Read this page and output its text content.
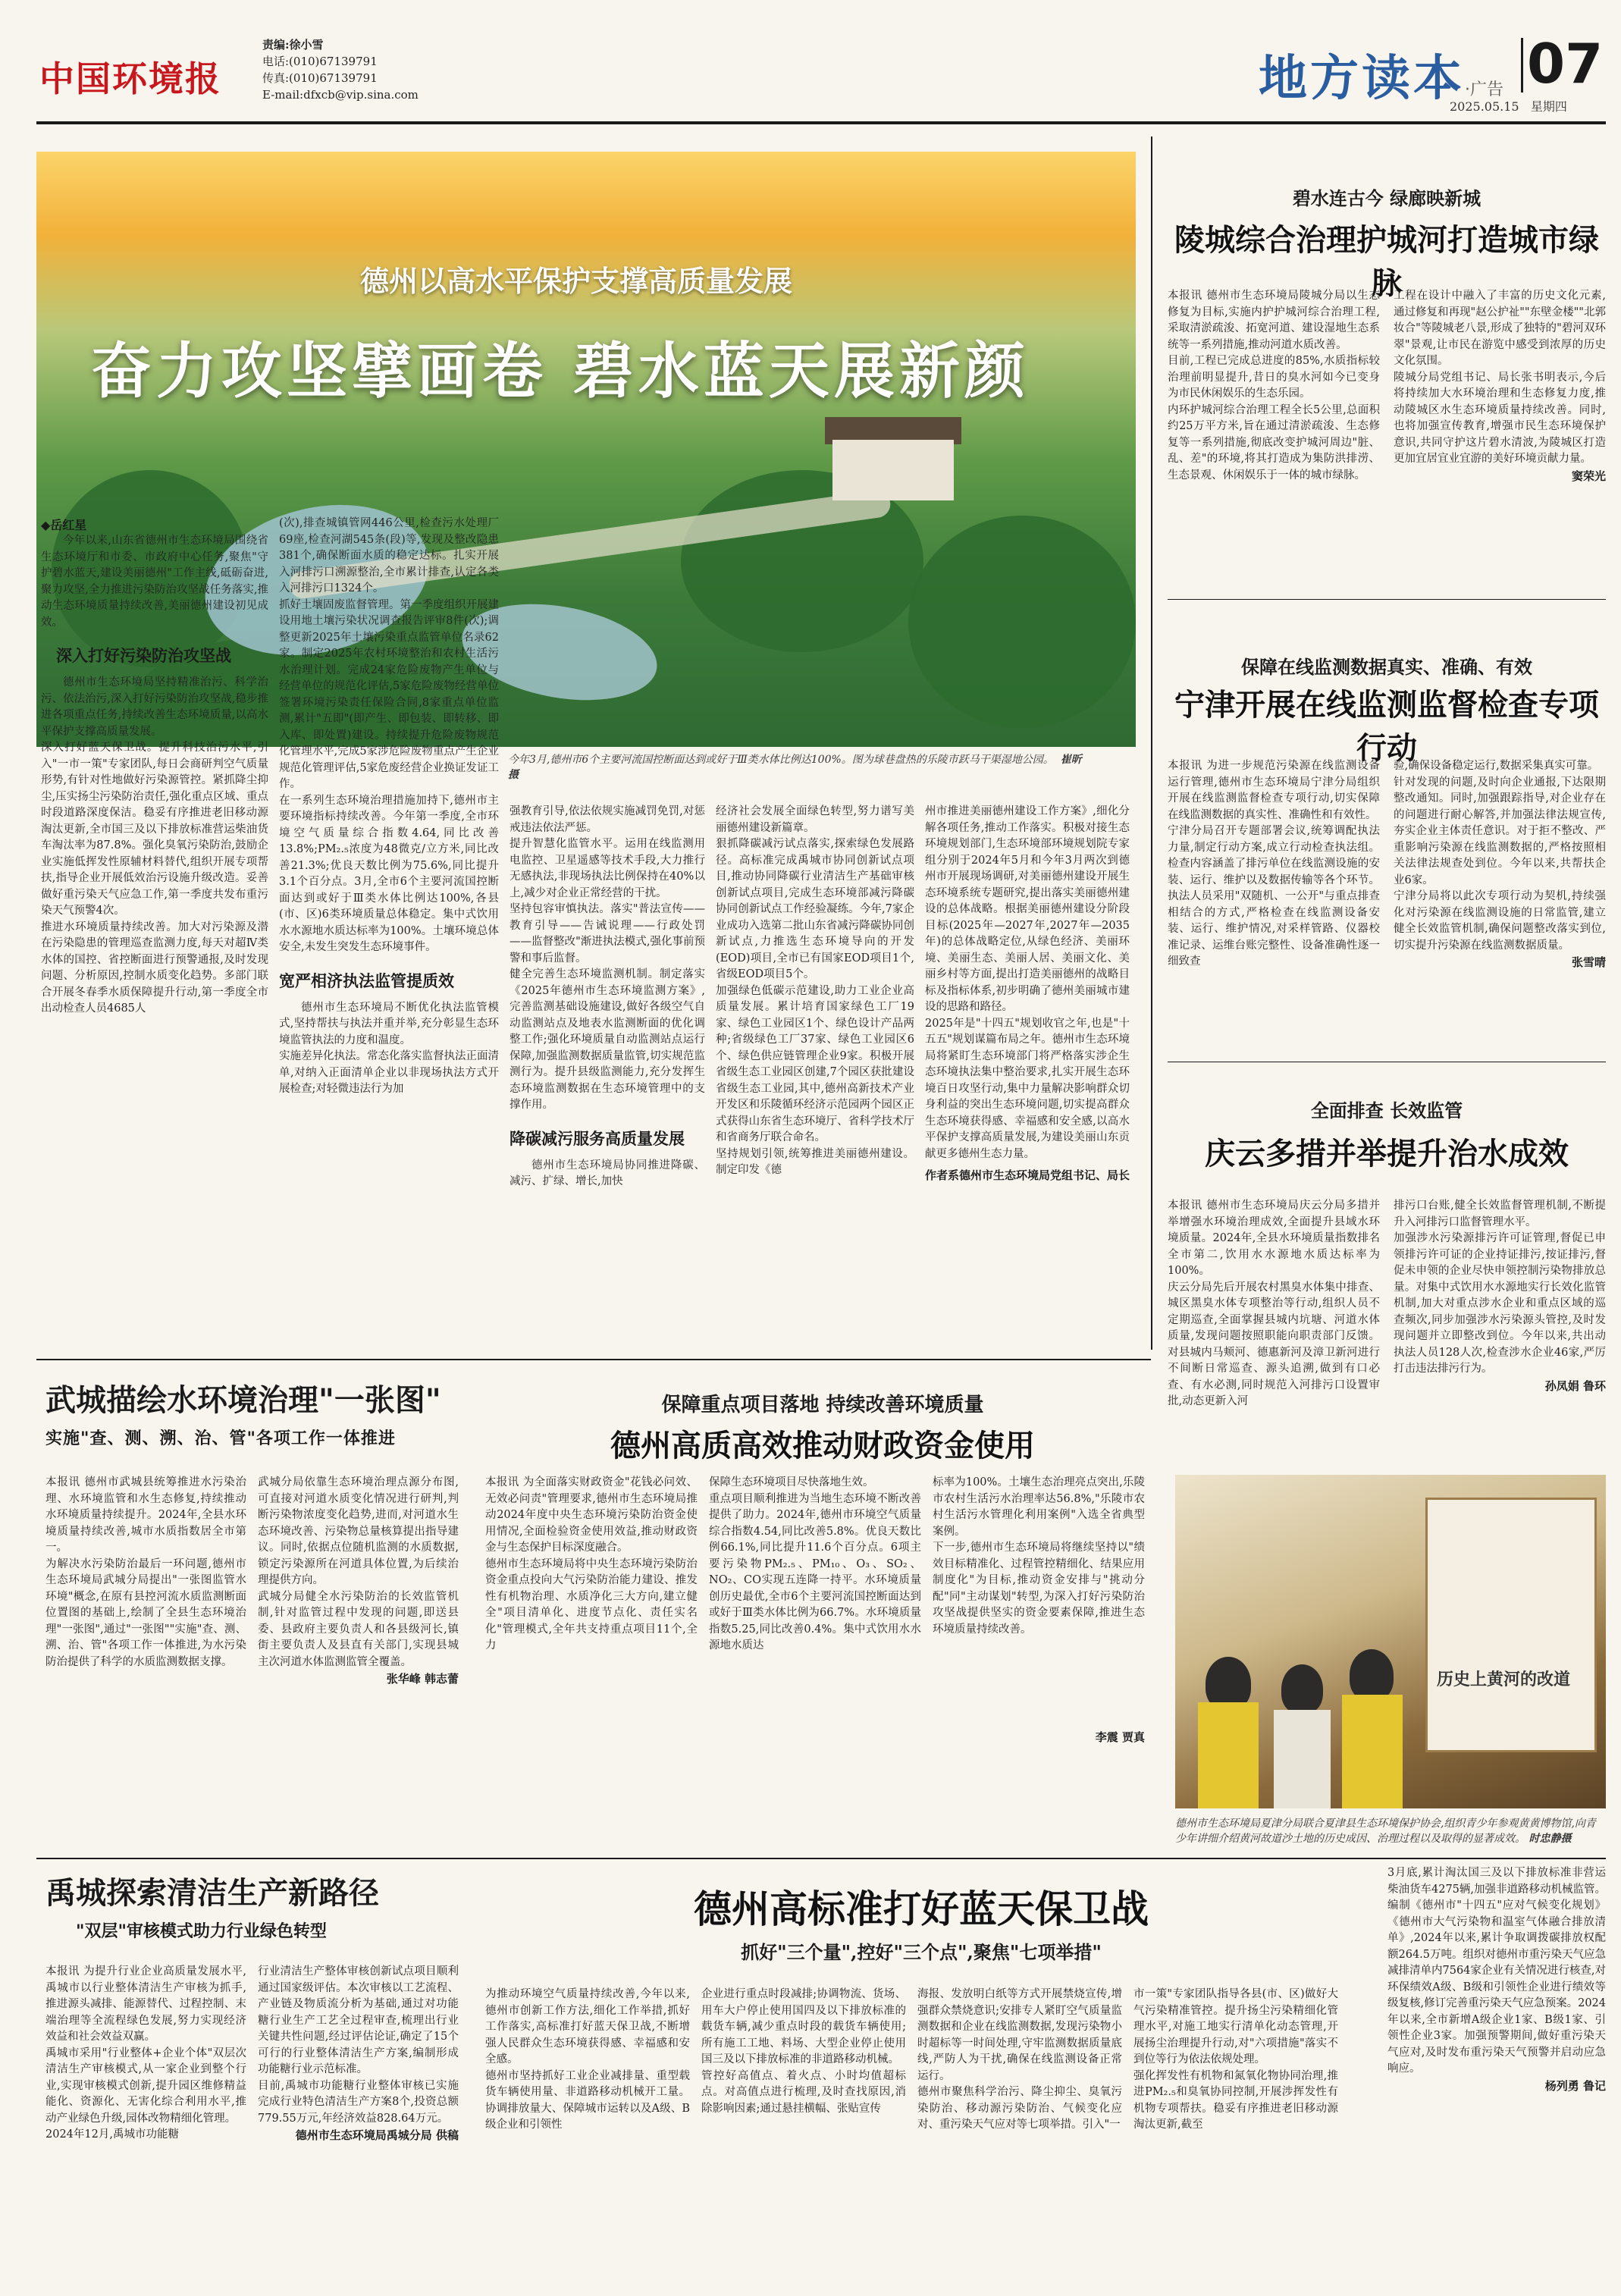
中国环境报
责编:徐小雪
电话:(010)67139791
传真:(010)67139791
E-mail:dfxcb@vip.sina.com	地方读本·广告 07
2025.05.15 星期四
德州以高水平保护支撑高质量发展
奋力攻坚擘画卷 碧水蓝天展新颜
◆岳红星
今年以来,山东省德州市生态环境局围绕省生态环境厅和市委、市政府中心任务,聚焦"守护碧水蓝天,建设美丽德州"工作主线,砥砺奋进,聚力攻坚,全力推进污染防治攻坚战任务落实,推动生态环境质量持续改善,美丽德州建设初见成效。
深入打好污染防治攻坚战
德州市生态环境局坚持精准治污、科学治污、依法治污,深入打好污染防治攻坚战,稳步推进各项重点任务,持续改善生态环境质量,以高水平保护支撑高质量发展。
深入打好蓝天保卫战。提升科技治污水平,引入"一市一策"专家团队,每日会商研判空气质量形势,有针对性地做好污染源管控。紧抓降尘抑尘,压实扬尘污染防治责任,强化重点区域、重点时段道路深度保洁。稳妥有序推进老旧移动源淘汰更新,全市国三及以下排放标准营运柴油货车淘汰率为87.8%。强化臭氧污染防治,鼓励企业实施低挥发性原辅材料替代,组织开展专项帮扶,指导企业开展低效治污设施升级改造。妥善做好重污染天气应急工作,第一季度共发布重污染天气预警4次。
推进水环境质量持续改善。加大对污染源及潜在污染隐患的管理巡查监测力度,每天对超Ⅳ类水体的国控、省控断面进行预警通报,及时发现问题、分析原因,控制水质变化趋势。多部门联合开展冬春季水质保障提升行动,第一季度全市出动检查人员4685人
(次),排查城镇管网446公里,检查污水处理厂69座,检查河湖545条(段)等,发现及整改隐患381个,确保断面水质的稳定达标。扎实开展入河排污口溯源整治,全市累计排查,认定各类入河排污口1324个。
抓好土壤固废监督管理。第一季度组织开展建设用地土壤污染状况调查报告评审8件(次);调整更新2025年土壤污染重点监管单位名录62家。制定2025年农村环境整治和农村生活污水治理计划。完成24家危险废物产生单位与经营单位的规范化评估,5家危险废物经营单位签署环境污染责任保险合同,8家重点单位监测,累计"五即"(即产生、即包装、即转移、即入库、即处置)建设。持续提升危险废物规范化管理水平,完成5家涉危险废物重点产生企业规范化管理评估,5家危废经营企业换证发证工作。
在一系列生态环境治理措施加持下,德州市主要环境指标持续改善。今年第一季度,全市环境空气质量综合指数4.64,同比改善13.8%;PM₂.₅浓度为48微克/立方米,同比改善21.3%;优良天数比例为75.6%,同比提升3.1个百分点。3月,全市6个主要河流国控断面达到或好于Ⅲ类水体比例达100%,各县(市、区)6类环境质量总体稳定。集中式饮用水水源地水质达标率为100%。土壤环境总体安全,未发生突发生态环境事件。
宽严相济执法监管提质效
德州市生态环境局不断优化执法监管模式,坚持帮扶与执法并重并举,充分彰显生态环境监管执法的力度和温度。
实施差异化执法。常态化落实监督执法正面清单,对纳入正面清单企业以非现场执法方式开展检查;对轻微违法行为加
今年3月,德州市6个主要河流国控断面达到或好于Ⅲ类水体比例达100%。图为球巷盘热的乐陵市跃马干渠湿地公园。 崔昕摄
强教育引导,依法依规实施减罚免罚,对惩戒违法依法严惩。
提升智慧化监管水平。运用在线监测用电监控、卫星遥感等技术手段,大力推行无感执法,非现场执法比例保持在40%以上,减少对企业正常经营的干扰。
坚持包容审慎执法。落实"普法宣传——教育引导——告诫说理——行政处罚——监督整改"渐进执法模式,强化事前预警和事后监督。
健全完善生态环境监测机制。制定落实《2025年德州市生态环境监测方案》,完善监测基础设施建设,做好各级空气自动监测站点及地表水监测断面的优化调整工作;强化环境质量自动监测站点运行保障,加强监测数据质量监管,切实规范监测行为。提升县级监测能力,充分发挥生态环境监测数据在生态环境管理中的支撑作用。
降碳减污服务高质量发展
德州市生态环境局协同推进降碳、减污、扩绿、增长,加快
经济社会发展全面绿色转型,努力谱写美丽德州建设新篇章。
狠抓降碳减污试点落实,探索绿色发展路径。高标准完成禹城市协同创新试点项目,推动协同降碳行业清洁生产基础审核创新试点项目,完成生态环境部减污降碳协同创新试点工作经验凝练。今年,7家企业成功入选第二批山东省减污降碳协同创新试点,力推选生态环境导向的开发(EOD)项目,全市已有国家EOD项目1个,省级EOD项目5个。
加强绿色低碳示范建设,助力工业企业高质量发展。累计培育国家绿色工厂19家、绿色工业园区1个、绿色设计产品两种;省级绿色工厂37家、绿色工业园区6个、绿色供应链管理企业9家。积极开展省级生态工业园区创建,7个园区获批建设省级生态工业园,其中,德州高新技术产业开发区和乐陵循环经济示范园两个园区正式获得山东省生态环境厅、省科学技术厅和省商务厅联合命名。
坚持规划引领,统筹推进美丽德州建设。制定印发《德
州市推进美丽德州建设工作方案》,细化分解各项任务,推动工作落实。积极对接生态环境规划部门,生态环境部环境规划院专家组分别于2024年5月和今年3月两次到德州市开展现场调研,对美丽德州建设开展生态环境系统专题研究,提出落实美丽德州建设的总体战略。根据美丽德州建设分阶段目标(2025年—2027年,2027年—2035年)的总体战略定位,从绿色经济、美丽环境、美丽生态、美丽人居、美丽文化、美丽乡村等方面,提出打造美丽德州的战略目标及指标体系,初步明确了德州美丽城市建设的思路和路径。
2025年是"十四五"规划收官之年,也是"十五五"规划谋篇布局之年。德州市生态环境局将紧盯生态环境部门将严格落实涉企生态环境执法集中整治要求,扎实开展生态环境百日攻坚行动,集中力量解决影响群众切身利益的突出生态环境问题,切实提高群众生态环境获得感、幸福感和安全感,以高水平保护支撑高质量发展,为建设美丽山东贡献更多德州生态力量。
作者系德州市生态环境局党组书记、局长
碧水连古今 绿廊映新城
陵城综合治理护城河打造城市绿脉
本报讯 德州市生态环境局陵城分局以生态修复为目标,实施内护护城河综合治理工程,采取清淤疏浚、拓宽河道、建设湿地生态系统等一系列措施,推动河道水质改善。
目前,工程已完成总进度的85%,水质指标较治理前明显提升,昔日的臭水河如今已变身为市民休闲娱乐的生态乐园。
内环护城河综合治理工程全长5公里,总面积约25万平方米,旨在通过清淤疏浚、生态修复等一系列措施,彻底改变护城河周边"脏、乱、差"的环境,将其打造成为集防洪排涝、生态景观、休闲娱乐于一体的城市绿脉。
工程在设计中融入了丰富的历史文化元素,通过修复和再现"赵公护祉""东壁金楼""北郭妆合"等陵城老八景,形成了独特的"碧河双环翠"景观,让市民在游览中感受到浓厚的历史文化氛围。
陵城分局党组书记、局长张书明表示,今后将持续加大水环境治理和生态修复力度,推动陵城区水生态环境质量持续改善。同时,也将加强宣传教育,增强市民生态环境保护意识,共同守护这片碧水清波,为陵城区打造更加宜居宜业宜游的美好环境贡献力量。
窦荣光
保障在线监测数据真实、准确、有效
宁津开展在线监测监督检查专项行动
本报讯 为进一步规范污染源在线监测设备运行管理,德州市生态环境局宁津分局组织开展在线监测监督检查专项行动,切实保障在线监测数据的真实性、准确性和有效性。
宁津分局召开专题部署会议,统筹调配执法力量,制定行动方案,成立行动检查执法组。检查内容涵盖了排污单位在线监测设施的安装、运行、维护以及数据传输等各个环节。执法人员采用"双随机、一公开"与重点排查相结合的方式,严格检查在线监测设备安装、运行、维护情况,对采样管路、仪器校准记录、运维台账完整性、设备准确性逐一细致查
验,确保设备稳定运行,数据采集真实可靠。
针对发现的问题,及时向企业通报,下达限期整改通知。同时,加强跟踪指导,对企业存在的问题进行耐心解答,并加强法律法规宣传,夯实企业主体责任意识。对于拒不整改、严重影响污染源在线监测数据的,严格按照相关法律法规查处到位。今年以来,共帮扶企业6家。
宁津分局将以此次专项行动为契机,持续强化对污染源在线监测设施的日常监管,建立健全长效监管机制,确保问题整改落实到位,切实提升污染源在线监测数据质量。
张雪晴
全面排查 长效监管
庆云多措并举提升治水成效
本报讯 德州市生态环境局庆云分局多措并举增强水环境治理成效,全面提升县域水环境质量。2024年,全县水环境质量指数排名全市第二,饮用水水源地水质达标率为100%。
庆云分局先后开展农村黑臭水体集中排查、城区黑臭水体专项整治等行动,组织人员不定期巡查,全面掌握县城内坑塘、河道水体质量,发现问题按照职能向职责部门反馈。对县城内马颊河、德惠新河及漳卫新河进行不间断日常巡查、源头追溯,做到有口必查、有水必测,同时规范入河排污口设置审批,动态更新入河
排污口台账,健全长效监督管理机制,不断提升入河排污口监督管理水平。
加强涉水污染源排污许可证管理,督促已申领排污许可证的企业持证排污,按证排污,督促未申领的企业尽快申领控制污染物排放总量。对集中式饮用水水源地实行长效化监管机制,加大对重点涉水企业和重点区域的巡查频次,同步加强涉水污染源头管控,及时发现问题并立即整改到位。今年以来,共出动执法人员128人次,检查涉水企业46家,严厉打击违法排污行为。
孙凤娟 鲁环
武城描绘水环境治理"一张图"
实施"查、测、溯、治、管"各项工作一体推进
本报讯 德州市武城县统筹推进水污染治理、水环境监管和水生态修复,持续推动水环境质量持续提升。2024年,全县水环境质量持续改善,城市水质指数居全市第一。
为解决水污染防治最后一环问题,德州市生态环境局武城分局提出"一张图监管水环境"概念,在原有县控河流水质监测断面位置图的基础上,绘制了全县生态环境治理"一张图",通过"一张图""实施"查、测、溯、治、管"各项工作一体推进,为水污染防治提供了科学的水质监测数据支撑。
武城分局依靠生态环境治理点源分布图,可直接对河道水质变化情况进行研判,判断污染物浓度变化趋势,进而,对河道水生态环境改善、污染物总量核算提出指导建议。同时,依据点位随机监测的水质数据,锁定污染源所在河道具体位置,为后续治理提供方向。
武城分局健全水污染防治的长效监管机制,针对监管过程中发现的问题,即送县委、县政府主要负责人和各县级河长,镇街主要负责人及县直有关部门,实现县城主次河道水体监测监管全覆盖。
张华峰 韩志蕾
保障重点项目落地 持续改善环境质量
德州高质高效推动财政资金使用
本报讯 为全面落实财政资金"花钱必问效、无效必问责"管理要求,德州市生态环境局推动2024年度中央生态环境污染防治资金使用情况,全面检验资金使用效益,推动财政资金与生态保护目标深度融合。
德州市生态环境局将中央生态环境污染防治资金重点投向大气污染防治能力建设、推发性有机物治理、水质净化三大方向,建立健全"项目清单化、进度节点化、责任实名化"管理模式,全年共支持重点项目11个,全力
保障生态环境项目尽快落地生效。
重点项目顺利推进为当地生态环境不断改善提供了助力。2024年,德州市环境空气质量综合指数4.54,同比改善5.8%。优良天数比例66.1%,同比提升11.6个百分点。6项主要污染物PM₂.₅、PM₁₀、O₃、SO₂、NO₂、CO实现五连降一持平。水环境质量创历史最优,全市6个主要河流国控断面达到或好于Ⅲ类水体比例为66.7%。水环境质量指数5.25,同比改善0.4%。集中式饮用水水源地水质达
标率为100%。土壤生态治理亮点突出,乐陵市农村生活污水治理率达56.8%,"乐陵市农村生活污水管理化利用案例"入选全省典型案例。
下一步,德州市生态环境局将继续坚持以"绩效目标精准化、过程管控精细化、结果应用制度化"为目标,推动资金安排与"挑动分配"同"主动谋划"转型,为深入打好污染防治攻坚战提供坚实的资金要素保障,推进生态环境质量持续改善。
李震 贾真
历史上黄河的改道
德州市生态环境局夏津分局联合夏津县生态环境保护协会,组织青少年参观黄黄博物馆,向青少年讲细介绍黄河故道沙土地的历史成因、治理过程以及取得的显著成效。 时忠静摄
禹城探索清洁生产新路径
"双层"审核模式助力行业绿色转型
本报讯 为提升行业企业高质量发展水平,禹城市以行业整体清洁生产审核为抓手,推进源头减排、能源替代、过程控制、末端治理等全流程绿色发展,努力实现经济效益和社会效益双赢。
禹城市采用"行业整体+企业个体"双层次清洁生产审核模式,从一家企业到整个行业,实现审核模式创新,提升园区维修精益能化、资源化、无害化综合利用水平,推动产业绿色升级,园体改物精细化管理。
2024年12月,禹城市功能糖
行业清洁生产整体审核创新试点项目顺利通过国家级评估。本次审核以工艺流程、产业链及物质流分析为基础,通过对功能糖行业生产工艺全过程审查,梳理出行业关键共性问题,经过评估论证,确定了15个可行的行业整体清洁生产方案,编制形成功能糖行业示范标准。
目前,禹城市功能糖行业整体审核已实施完成行业特色清洁生产方案8个,投资总额779.55万元,年经济效益828.64万元。
德州市生态环境局禹城分局 供稿
德州高标准打好蓝天保卫战
抓好"三个量",控好"三个点",聚焦"七项举措"
为推动环境空气质量持续改善,今年以来,德州市创新工作方法,细化工作举措,抓好工作落实,高标准打好蓝天保卫战,不断增强人民群众生态环境获得感、幸福感和安全感。
德州市坚持抓好工业企业减排量、重型载货车辆使用量、非道路移动机械开工量。协调排放量大、保障城市运转以及A级、B级企业和引领性
企业进行重点时段减排;协调物流、货场、用车大户停止使用国四及以下排放标准的载货车辆,减少重点时段的载货车辆使用;所有施工工地、料场、大型企业停止使用国三及以下排放标准的非道路移动机械。
管控好高值点、着火点、小时均值超标点。对高值点进行梳理,及时查找原因,消除影响因素;通过悬挂横幅、张贴宣传
海报、发放明白纸等方式开展禁烧宣传,增强群众禁烧意识;安排专人紧盯空气质量监测数据和企业在线监测数据,发现污染物小时超标等一时间处理,守牢监测数据质量底线,严防人为干扰,确保在线监测设备正常运行。
德州市聚焦科学治污、降尘抑尘、臭氧污染防治、移动源污染防治、气候变化应对、重污染天气应对等七项举措。引入"一
市一策"专家团队指导各县(市、区)做好大气污染精准管控。提升扬尘污染精细化管理水平,对施工地实行清单化动态管理,开展扬尘治理提升行动,对"六项措施"落实不到位等行为依法依规处理。
强化挥发性有机物和氮氧化物协同治理,推进PM₂.₅和臭氧协同控制,开展涉挥发性有机物专项帮扶。稳妥有序推进老旧移动源淘汰更新,截至
3月底,累计淘汰国三及以下排放标准非营运柴油货车4275辆,加强非道路移动机械监管。
编制《德州市"十四五"应对气候变化规划》《德州市大气污染物和温室气体融合排放清单》,2024年以来,累计争取调拨碳排放权配额264.5万吨。组织对德州市重污染天气应急减排清单内7564家企业有关情况进行核查,对环保绩效A级、B级和引领性企业进行绩效等级复核,修订完善重污染天气应急预案。2024年以来,全市新增A级企业1家、B级1家、引领性企业3家。加强预警期间,做好重污染天气应对,及时发布重污染天气预警并启动应急响应。
杨列勇 鲁记
